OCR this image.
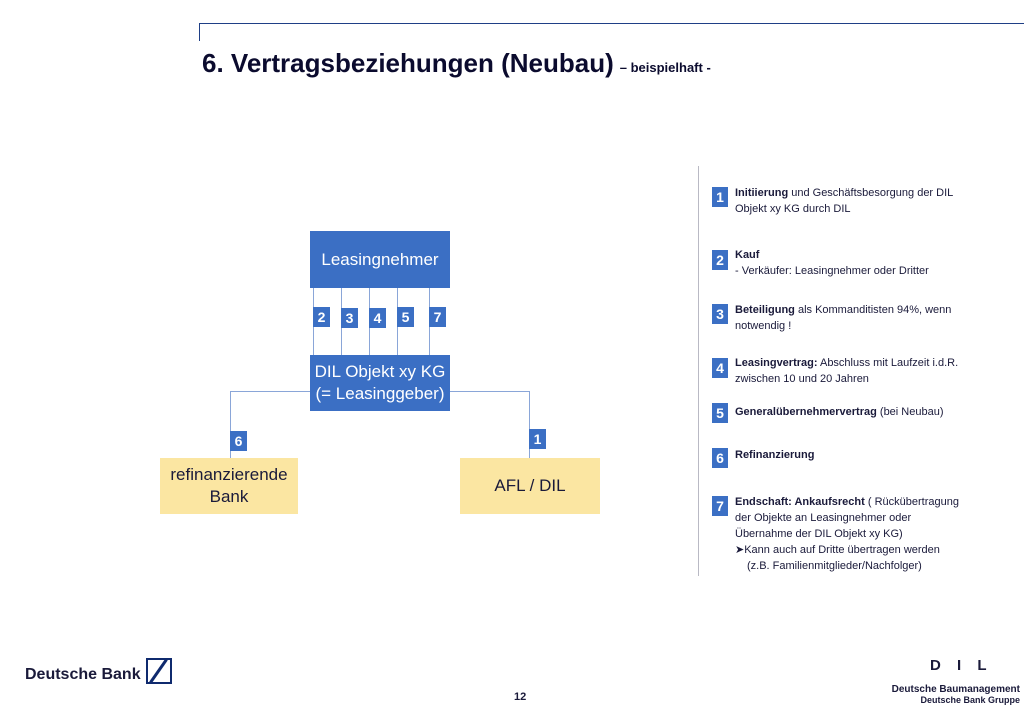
6. Vertragsbeziehungen (Neubau) – beispielhaft -
Leasingnehmer
DIL Objekt xy KG
(= Leasinggeber)
refinanzierende
Bank
AFL / DIL
2	3	4	5	7
6	1
1	Initiierung und Geschäftsbesorgung der DIL Objekt xy KG durch DIL
2	Kauf
- Verkäufer: Leasingnehmer oder Dritter
3	Beteiligung als Kommanditisten 94%, wenn notwendig !
4	Leasingvertrag: Abschluss mit Laufzeit i.d.R. zwischen 10 und 20 Jahren
5	Generalübernehmervertrag (bei Neubau)
6	Refinanzierung
7	Endschaft: Ankaufsrecht ( Rückübertragung der Objekte an Leasingnehmer oder Übernahme der DIL Objekt xy KG)
➤Kann auch auf Dritte übertragen werden
(z.B. Familienmitglieder/Nachfolger)
Deutsche Bank
12
D I L
Deutsche Baumanagement
Deutsche Bank Gruppe
